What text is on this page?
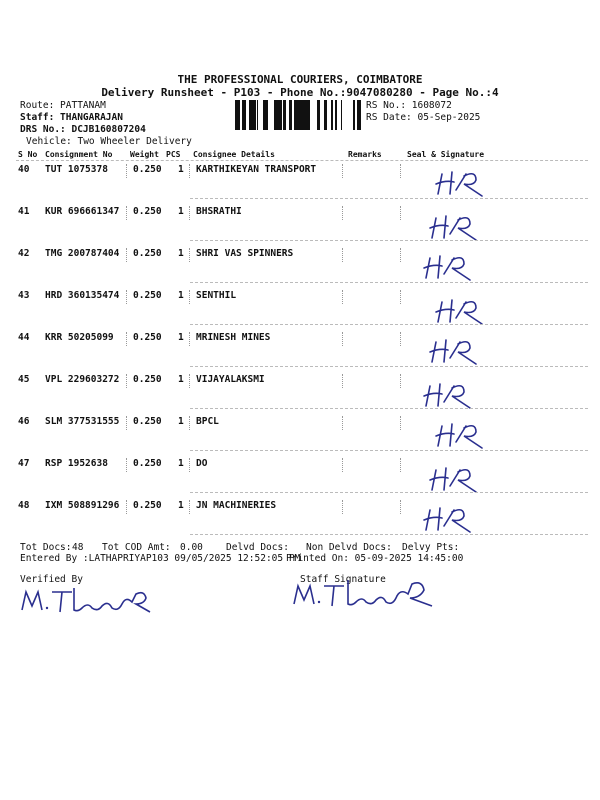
THE PROFESSIONAL COURIERS, COIMBATORE
Delivery Runsheet - P103 - Phone No.:9047080280 - Page No.:4
Route: PATTANAM
Staff: THANGARAJAN
DRS No.: DCJB160807204
Vehicle: Two Wheeler Delivery
RS No.: 1608072
RS Date: 05-Sep-2025
S No Consignment No Weight PCS Consignee Details	Remarks	Seal & Signature
40 TUT 1075378	0.250 1 KARTHIKEYAN TRANSPORT
41 KUR 696661347 0.250 1 BHSRATHI
42 TMG 200787404 0.250 1 SHRI VAS SPINNERS
43 HRD 360135474 0.250 1 SENTHIL
44 KRR 50205099 0.250 1 MRINESH MINES
45 VPL 229603272 0.250 1 VIJAYALAKSMI
46 SLM 377531555 0.250 1 BPCL
47 RSP 1952638	0.250 1 DO
48 IXM 508891296 0.250 1 JN MACHINERIES
Tot Docs: 48 Tot COD Amt: 0.00 Delvd Docs: Non Delvd Docs: Delvy Pts:
Entered By :LATHAPRIYAP103 09/05/2025 12:52:05 PM
Printed On: 05-09-2025 14:45:00
Verified By	Staff Signature
